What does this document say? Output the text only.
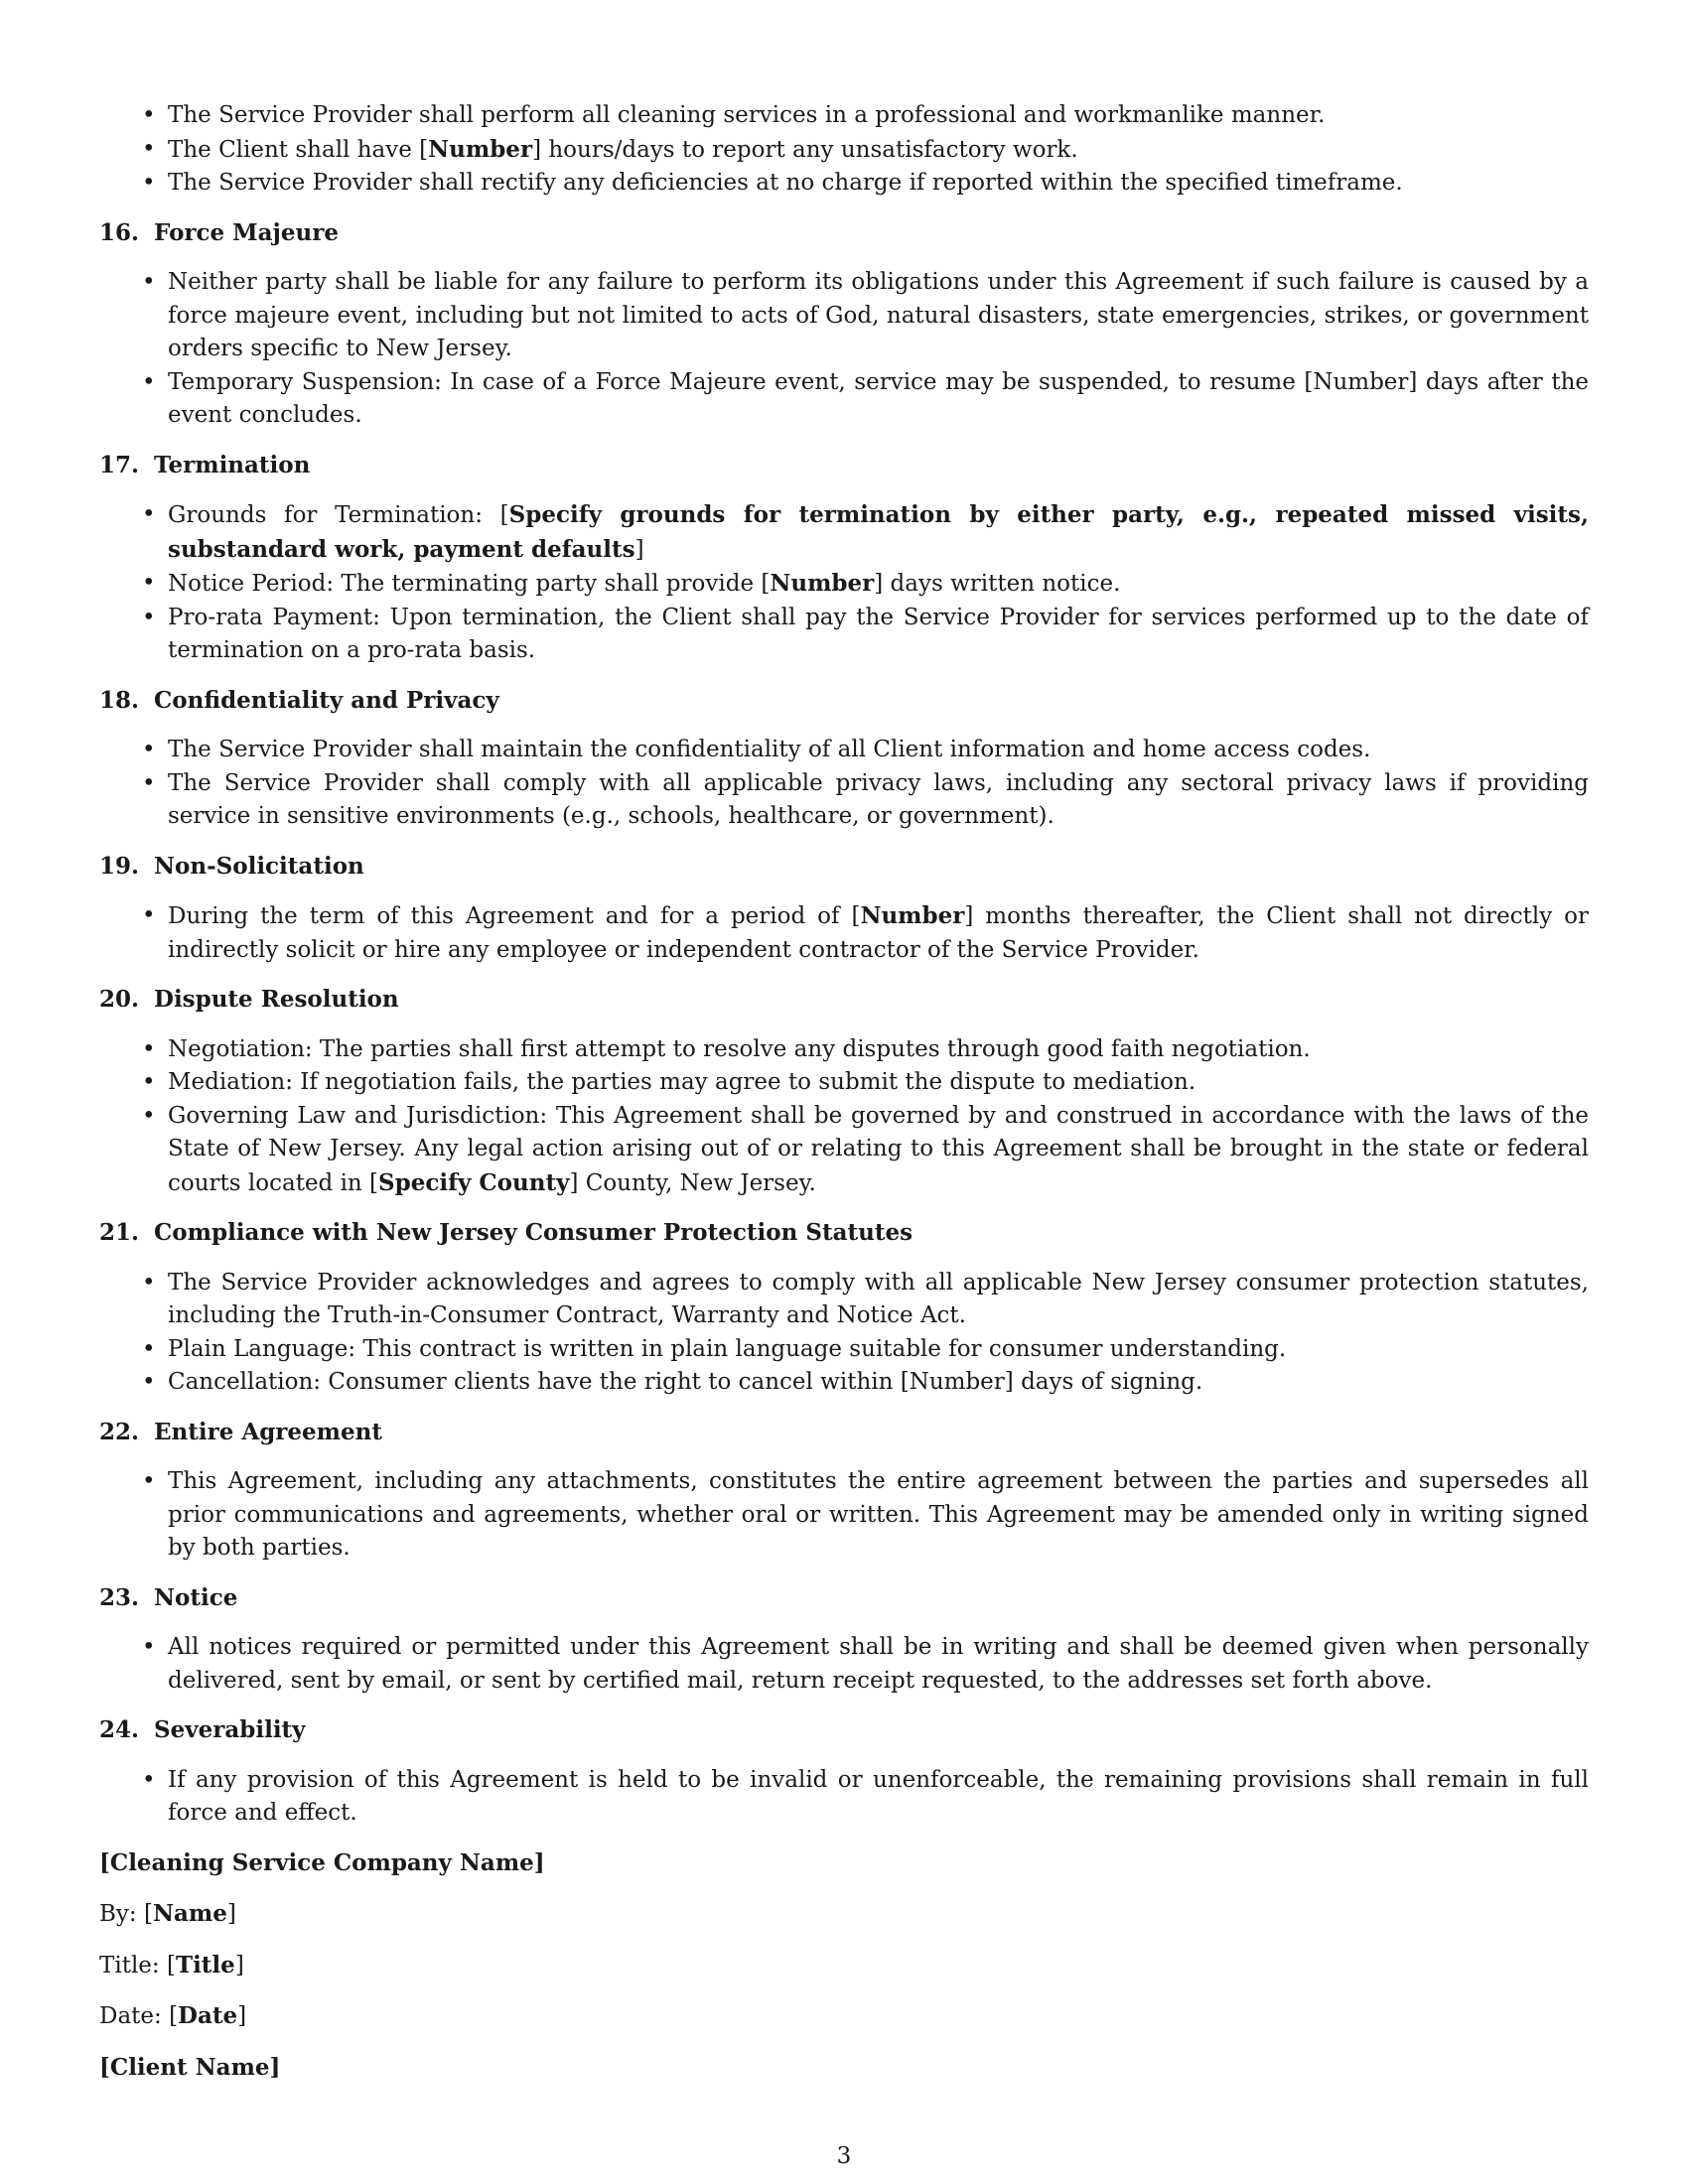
• The Service Provider shall perform all cleaning services in a professional and workmanlike manner.
• The Client shall have [Number] hours/days to report any unsatisfactory work.
• The Service Provider shall rectify any deficiencies at no charge if reported within the specified timeframe.
16. Force Majeure
• Neither party shall be liable for any failure to perform its obligations under this Agreement if such failure is caused by a force majeure event, including but not limited to acts of God, natural disasters, state emergencies, strikes, or government orders specific to New Jersey.
• Temporary Suspension: In case of a Force Majeure event, service may be suspended, to resume [Number] days after the event concludes.
17. Termination
• Grounds for Termination: [Specify grounds for termination by either party, e.g., repeated missed visits, substandard work, payment defaults]
• Notice Period: The terminating party shall provide [Number] days written notice.
• Pro-rata Payment: Upon termination, the Client shall pay the Service Provider for services performed up to the date of termination on a pro-rata basis.
18. Confidentiality and Privacy
• The Service Provider shall maintain the confidentiality of all Client information and home access codes.
• The Service Provider shall comply with all applicable privacy laws, including any sectoral privacy laws if providing service in sensitive environments (e.g., schools, healthcare, or government).
19. Non-Solicitation
• During the term of this Agreement and for a period of [Number] months thereafter, the Client shall not directly or indirectly solicit or hire any employee or independent contractor of the Service Provider.
20. Dispute Resolution
• Negotiation: The parties shall first attempt to resolve any disputes through good faith negotiation.
• Mediation: If negotiation fails, the parties may agree to submit the dispute to mediation.
• Governing Law and Jurisdiction: This Agreement shall be governed by and construed in accordance with the laws of the State of New Jersey. Any legal action arising out of or relating to this Agreement shall be brought in the state or federal courts located in [Specify County] County, New Jersey.
21. Compliance with New Jersey Consumer Protection Statutes
• The Service Provider acknowledges and agrees to comply with all applicable New Jersey consumer protection statutes, including the Truth-in-Consumer Contract, Warranty and Notice Act.
• Plain Language: This contract is written in plain language suitable for consumer understanding.
• Cancellation: Consumer clients have the right to cancel within [Number] days of signing.
22. Entire Agreement
• This Agreement, including any attachments, constitutes the entire agreement between the parties and supersedes all prior communications and agreements, whether oral or written. This Agreement may be amended only in writing signed by both parties.
23. Notice
• All notices required or permitted under this Agreement shall be in writing and shall be deemed given when personally delivered, sent by email, or sent by certified mail, return receipt requested, to the addresses set forth above.
24. Severability
• If any provision of this Agreement is held to be invalid or unenforceable, the remaining provisions shall remain in full force and effect.
[Cleaning Service Company Name]
By: [Name]
Title: [Title]
Date: [Date]
[Client Name]
3
